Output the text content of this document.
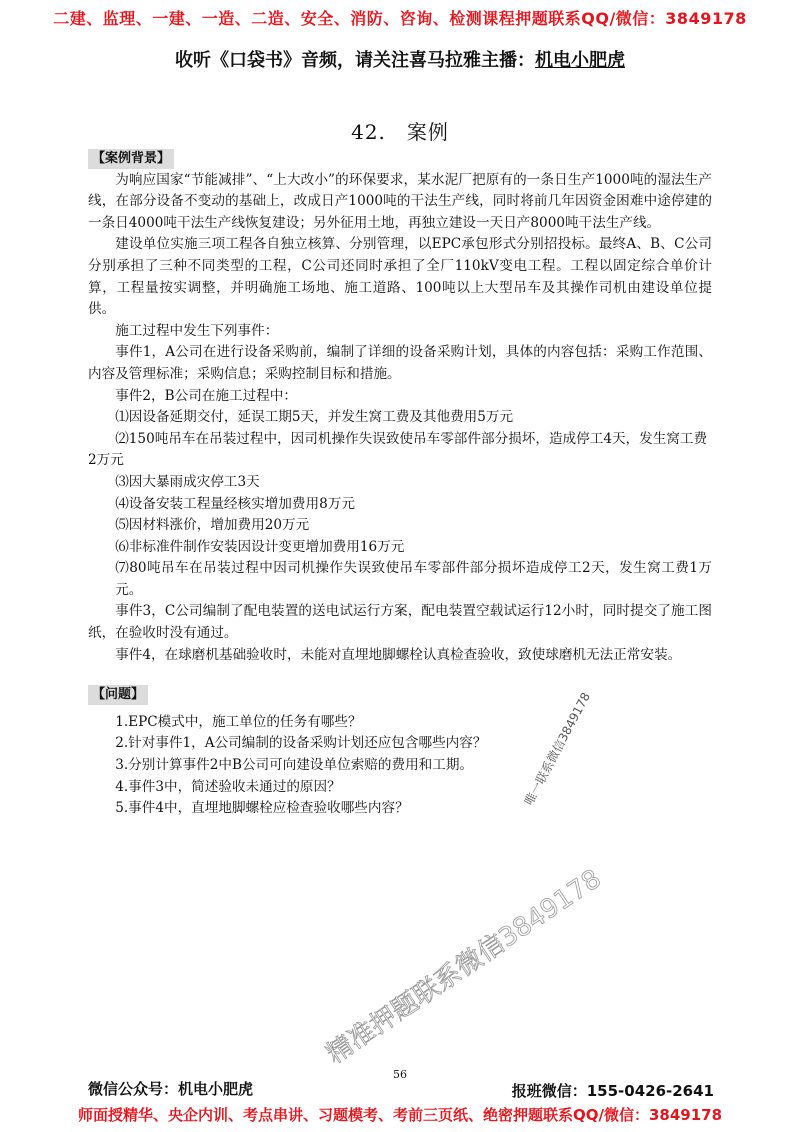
二建、监理、一建、一造、二造、安全、消防、咨询、检测课程押题联系QQ/微信：3849178
收听《口袋书》音频，请关注喜马拉雅主播：机电小肥虎
42.　案例
【案例背景】

为响应国家“节能减排”、“上大改小”的环保要求，某水泥厂把原有的一条日生产1000吨的湿法生产线，在部分设备不变动的基础上，改成日产1000吨的干法生产线，同时将前几年因资金困难中途停建的一条日4000吨干法生产线恢复建设；另外征用土地，再独立建设一天日产8000吨干法生产线。

建设单位实施三项工程各自独立核算、分别管理，以EPC承包形式分别招投标。最终A、B、C公司分别承担了三种不同类型的工程，C公司还同时承担了全厂110kV变电工程。工程以固定综合单价计算，工程量按实调整，并明确施工场地、施工道路、100吨以上大型吊车及其操作司机由建设单位提供。

施工过程中发生下列事件：

事件1，A公司在进行设备采购前，编制了详细的设备采购计划，具体的内容包括：采购工作范围、内容及管理标准；采购信息；采购控制目标和措施。

事件2，B公司在施工过程中：

⑴因设备延期交付，延误工期5天，并发生窝工费及其他费用5万元

⑵150吨吊车在吊装过程中，因司机操作失误致使吊车零部件部分损坏，造成停工4天，发生窝工费

2万元

⑶因大暴雨成灾停工3天

⑷设备安装工程量经核实增加费用8万元

⑸因材料涨价，增加费用20万元

⑹非标准件制作安装因设计变更增加费用16万元

⑺80吨吊车在吊装过程中因司机操作失误致使吊车零部件部分损坏造成停工2天，发生窝工费1万元。

事件3，C公司编制了配电装置的送电试运行方案，配电装置空载试运行12小时，同时提交了施工图纸，在验收时没有通过。

事件4，在球磨机基础验收时，未能对直埋地脚螺栓认真检查验收，致使球磨机无法正常安装。

【问题】
1.EPC模式中，施工单位的任务有哪些？
2.针对事件1，A公司编制的设备采购计划还应包含哪些内容？
3.分别计算事件2中B公司可向建设单位索赔的费用和工期。
4.事件3中，简述验收未通过的原因？
5.事件4中，直埋地脚螺栓应检查验收哪些内容？
唯一联系微信3849178
精准押题联系微信3849178
56
微信公众号：机电小肥虎	报班微信：155-0426-2641
师面授精华、央企内训、考点串讲、习题模考、考前三页纸、绝密押题联系QQ/微信：3849178
